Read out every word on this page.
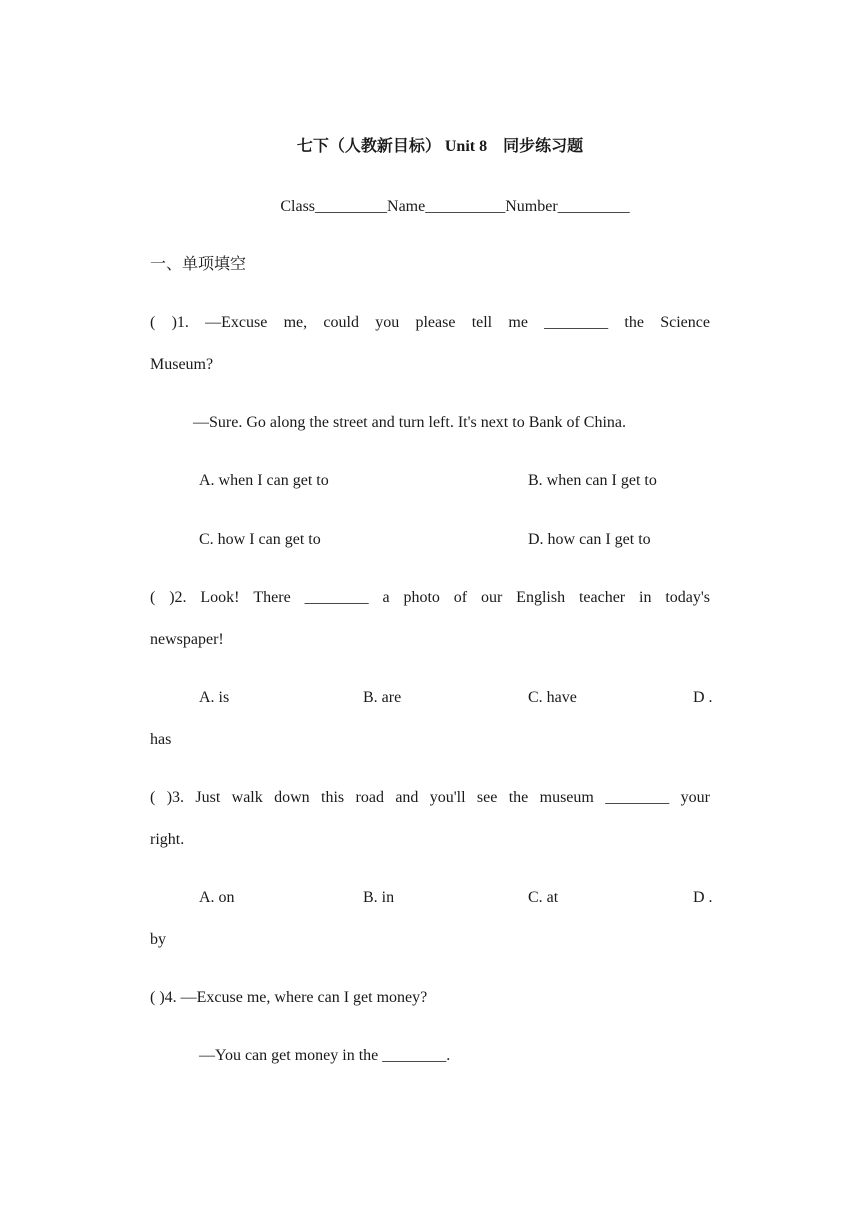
七下（人教新目标） Unit 8　同步练习题
Class_________Name__________Number_________
一、单项填空
( )1. —Excuse me, could you please tell me ________ the Science
Museum?
—Sure. Go along the street and turn left. It's next to Bank of China.
A. when I can get to	B. when can I get to
C. how I can get to	D. how can I get to
( )2. Look! There ________ a photo of our English teacher in today's
newspaper!
A. is	B. are	C. have	D .
has
( )3. Just walk down this road and you'll see the museum ________ your
right.
A. on	B. in	C. at	D .
by
( )4. —Excuse me, where can I get money?
—You can get money in the ________.
